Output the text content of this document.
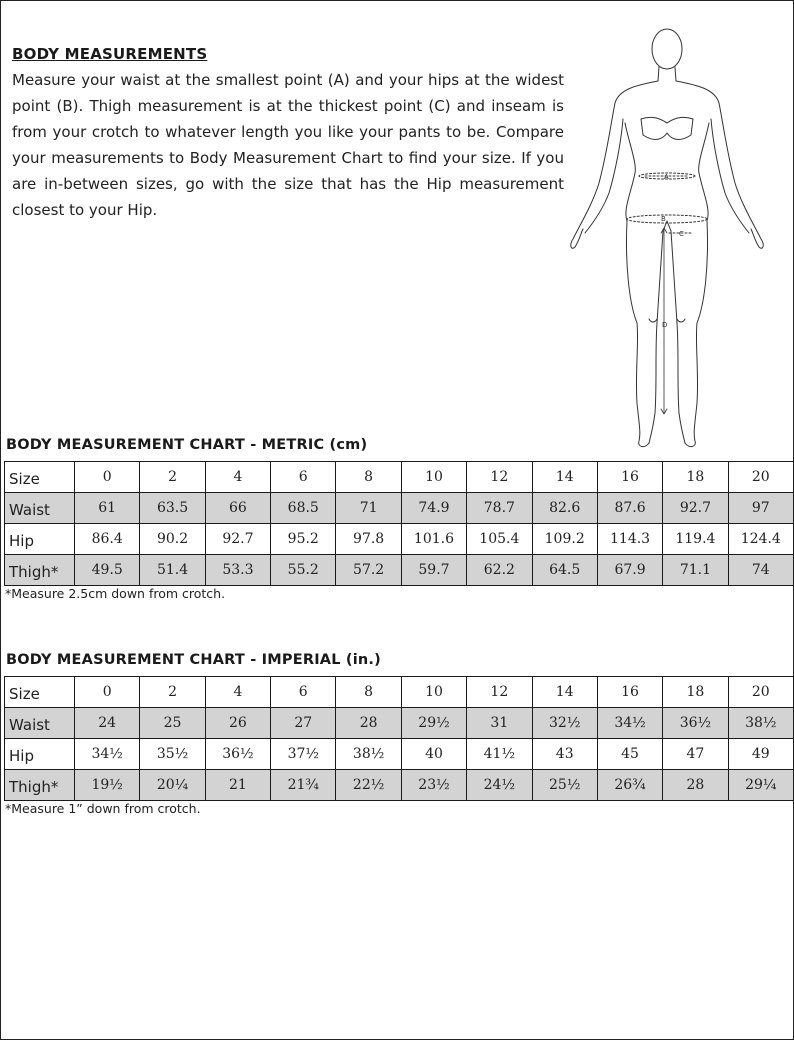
BODY MEASUREMENTS
Measure your waist at the smallest point (A) and your hips at the widest point (B). Thigh measurement is at the thickest point (C) and inseam is from your crotch to whatever length you like your pants to be. Compare your measurements to Body Measurement Chart to find your size. If you are in-between sizes, go with the size that has the Hip measurement closest to your Hip.
A
B
C
D
BODY MEASUREMENT CHART - METRIC (cm)
Size	0	2	4	6	8	10	12	14	16	18	20
Waist	61	63.5	66	68.5	71	74.9	78.7	82.6	87.6	92.7	97
Hip	86.4	90.2	92.7	95.2	97.8	101.6	105.4	109.2	114.3	119.4	124.4
Thigh*	49.5	51.4	53.3	55.2	57.2	59.7	62.2	64.5	67.9	71.1	74
*Measure 2.5cm down from crotch.
BODY MEASUREMENT CHART - IMPERIAL (in.)
Size	0	2	4	6	8	10	12	14	16	18	20
Waist	24	25	26	27	28	29½	31	32½	34½	36½	38½
Hip	34½	35½	36½	37½	38½	40	41½	43	45	47	49
Thigh*	19½	20¼	21	21¾	22½	23½	24½	25½	26¾	28	29¼
*Measure 1” down from crotch.
